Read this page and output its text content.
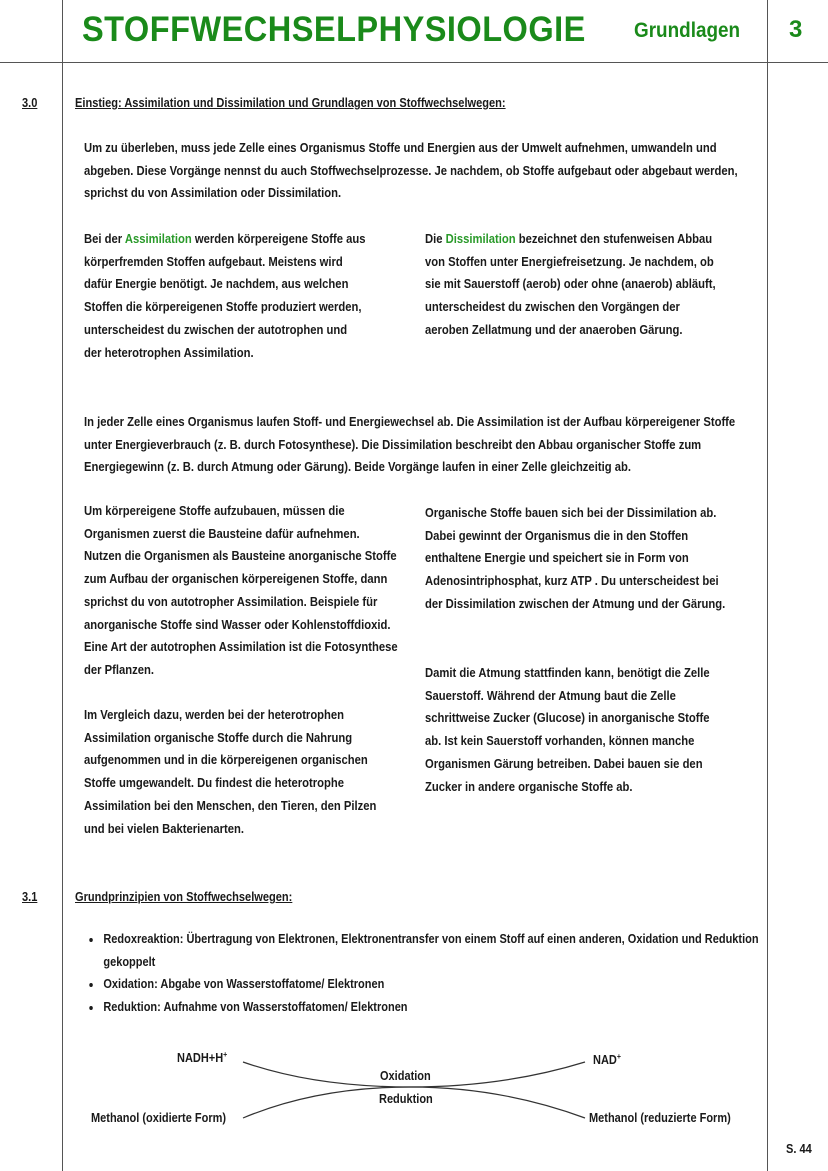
STOFFWECHSELPHYSIOLOGIE Grundlagen 3
3.0	Einstieg: Assimilation und Dissimilation und Grundlagen von Stoffwechselwegen:
Um zu überleben, muss jede Zelle eines Organismus Stoffe und Energien aus der Umwelt aufnehmen, umwandeln und abgeben. Diese Vorgänge nennst du auch Stoffwechselprozesse. Je nachdem, ob Stoffe aufgebaut oder abgebaut werden, sprichst du von Assimilation oder Dissimilation.
Bei der Assimilation werden körpereigene Stoffe aus körperfremden Stoffen aufgebaut. Meistens wird dafür Energie benötigt. Je nachdem, aus welchen Stoffen die körpereigenen Stoffe produziert werden, unterscheidest du zwischen der autotrophen und der heterotrophen Assimilation.
Die Dissimilation bezeichnet den stufenweisen Abbau von Stoffen unter Energiefreisetzung. Je nachdem, ob sie mit Sauerstoff (aerob) oder ohne (anaerob) abläuft, unterscheidest du zwischen den Vorgängen der aeroben Zellatmung und der anaeroben Gärung.
In jeder Zelle eines Organismus laufen Stoff- und Energiewechsel ab. Die Assimilation ist der Aufbau körpereigener Stoffe unter Energieverbrauch (z. B. durch Fotosynthese). Die Dissimilation beschreibt den Abbau organischer Stoffe zum Energiegewinn (z. B. durch Atmung oder Gärung). Beide Vorgänge laufen in einer Zelle gleichzeitig ab.
Um körpereigene Stoffe aufzubauen, müssen die Organismen zuerst die Bausteine dafür aufnehmen. Nutzen die Organismen als Bausteine anorganische Stoffe zum Aufbau der organischen körpereigenen Stoffe, dann sprichst du von autotropher Assimilation. Beispiele für anorganische Stoffe sind Wasser oder Kohlenstoffdioxid. Eine Art der autotrophen Assimilation ist die Fotosynthese der Pflanzen.
Im Vergleich dazu, werden bei der heterotrophen Assimilation organische Stoffe durch die Nahrung aufgenommen und in die körpereigenen organischen Stoffe umgewandelt. Du findest die heterotrophe Assimilation bei den Menschen, den Tieren, den Pilzen und bei vielen Bakterienarten.
Organische Stoffe bauen sich bei der Dissimilation ab. Dabei gewinnt der Organismus die in den Stoffen enthaltene Energie und speichert sie in Form von Adenosintriphosphat, kurz ATP . Du unterscheidest bei der Dissimilation zwischen der Atmung und der Gärung.
Damit die Atmung stattfinden kann, benötigt die Zelle Sauerstoff. Während der Atmung baut die Zelle schrittweise Zucker (Glucose) in anorganische Stoffe ab. Ist kein Sauerstoff vorhanden, können manche Organismen Gärung betreiben. Dabei bauen sie den Zucker in andere organische Stoffe ab.
3.1	Grundprinzipien von Stoffwechselwegen:
• Redoxreaktion: Übertragung von Elektronen, Elektronentransfer von einem Stoff auf einen anderen, Oxidation und Reduktion gekoppelt
• Oxidation: Abgabe von Wasserstoffatome/ Elektronen
• Reduktion: Aufnahme von Wasserstoffatomen/ Elektronen
NADH+H+	NAD+
Oxidation
Reduktion
Methanol (oxidierte Form)	Methanol (reduzierte Form)
S. 44
